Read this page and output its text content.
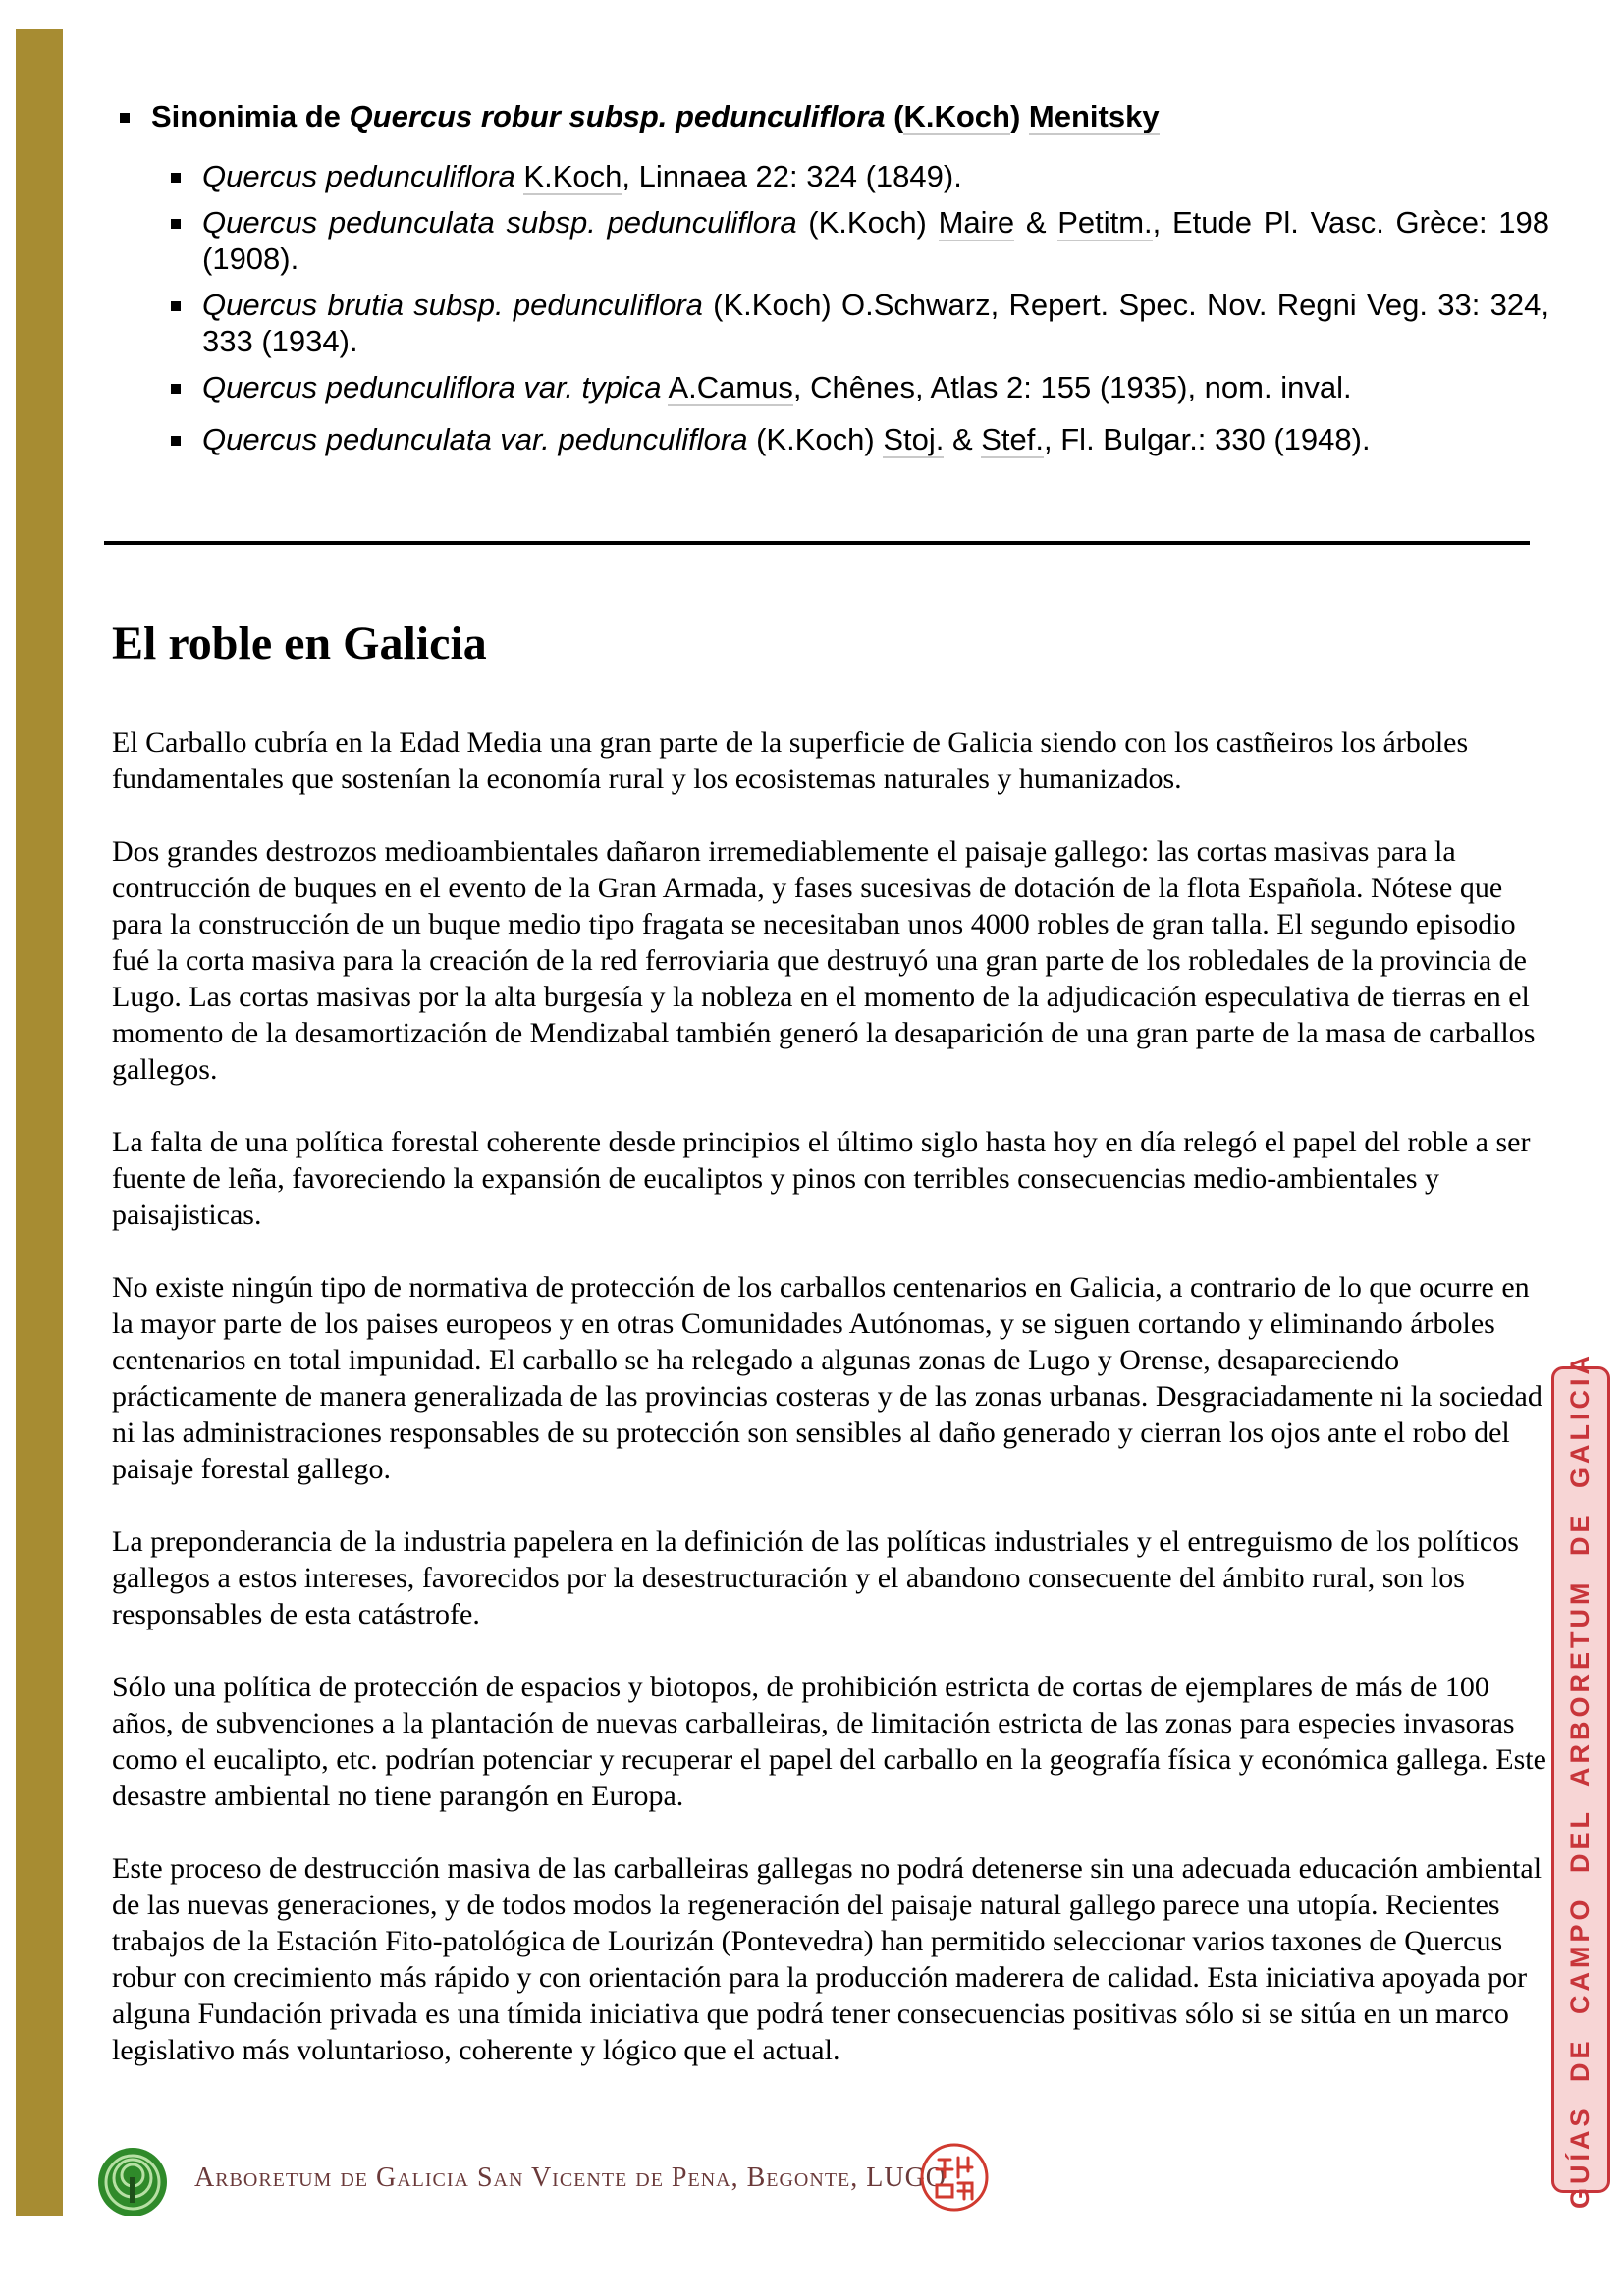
Sinonimia de Quercus robur subsp. pedunculiflora (K.Koch) Menitsky

Quercus pedunculiflora K.Koch, Linnaea 22: 324 (1849).
Quercus pedunculata subsp. pedunculiflora (K.Koch) Maire & Petitm., Etude Pl. Vasc. Grèce: 198 (1908).
Quercus brutia subsp. pedunculiflora (K.Koch) O.Schwarz, Repert. Spec. Nov. Regni Veg. 33: 324, 333 (1934).
Quercus pedunculiflora var. typica A.Camus, Chênes, Atlas 2: 155 (1935), nom. inval.
Quercus pedunculata var. pedunculiflora (K.Koch) Stoj. & Stef., Fl. Bulgar.: 330 (1948).
El roble en Galicia

El Carballo cubría en la Edad Media una gran parte de la superficie de Galicia siendo con los castñeiros los árboles fundamentales que sostenían la economía rural y los ecosistemas naturales y humanizados.

Dos grandes destrozos medioambientales dañaron irremediablemente el paisaje gallego: las cortas masivas para la contrucción de buques en el evento de la Gran Armada, y fases sucesivas de dotación de la flota Española. Nótese que para la construcción de un buque medio tipo fragata se necesitaban unos 4000 robles de gran talla. El segundo episodio fué la corta masiva para la creación de la red ferroviaria que destruyó una gran parte de los robledales de la provincia de Lugo. Las cortas masivas por la alta burgesía y la nobleza en el momento de la adjudicación especulativa de tierras en el momento de la desamortización de Mendizabal también generó la desaparición de una gran parte de la masa de carballos gallegos.

La falta de una política forestal coherente desde principios el último siglo hasta hoy en día relegó el papel del roble a ser fuente de leña, favoreciendo la expansión de eucaliptos y pinos con terribles consecuencias medio-ambientales y paisajisticas.

No existe ningún tipo de normativa de protección de los carballos centenarios en Galicia, a contrario de lo que ocurre en la mayor parte de los paises europeos y en otras Comunidades Autónomas, y se siguen cortando y eliminando árboles centenarios en total impunidad. El carballo se ha relegado a algunas zonas de Lugo y Orense, desapareciendo prácticamente de manera generalizada de las provincias costeras y de las zonas urbanas. Desgraciadamente ni la sociedad ni las administraciones responsables de su protección son sensibles al daño generado y cierran los ojos ante el robo del paisaje forestal gallego.

La preponderancia de la industria papelera en la definición de las políticas industriales y el entreguismo de los políticos gallegos a estos intereses, favorecidos por la desestructuración y el abandono consecuente del ámbito rural, son los responsables de esta catástrofe.

Sólo una política de protección de espacios y biotopos, de prohibición estricta de cortas de ejemplares de más de 100 años, de subvenciones a la plantación de nuevas carballeiras, de limitación estricta de las zonas para especies invasoras como el eucalipto, etc. podrían potenciar y recuperar el papel del carballo en la geografía física y económica gallega. Este desastre ambiental no tiene parangón en Europa.

Este proceso de destrucción masiva de las carballeiras gallegas no podrá detenerse sin una adecuada educación ambiental de las nuevas generaciones, y de todos modos la regeneración del paisaje natural gallego parece una utopía. Recientes trabajos de la Estación Fito-patológica de Lourizán (Pontevedra) han permitido seleccionar varios taxones de Quercus robur con crecimiento más rápido y con orientación para la producción maderera de calidad. Esta iniciativa apoyada por alguna Fundación privada es una tímida iniciativa que podrá tener consecuencias positivas sólo si se sitúa en un marco legislativo más voluntarioso, coherente y lógico que el actual.	GUÍAS DE CAMPO DEL ARBORETUM DE GALICIA
Arboretum de Galicia San Vicente de Pena, Begonte, LUGO
